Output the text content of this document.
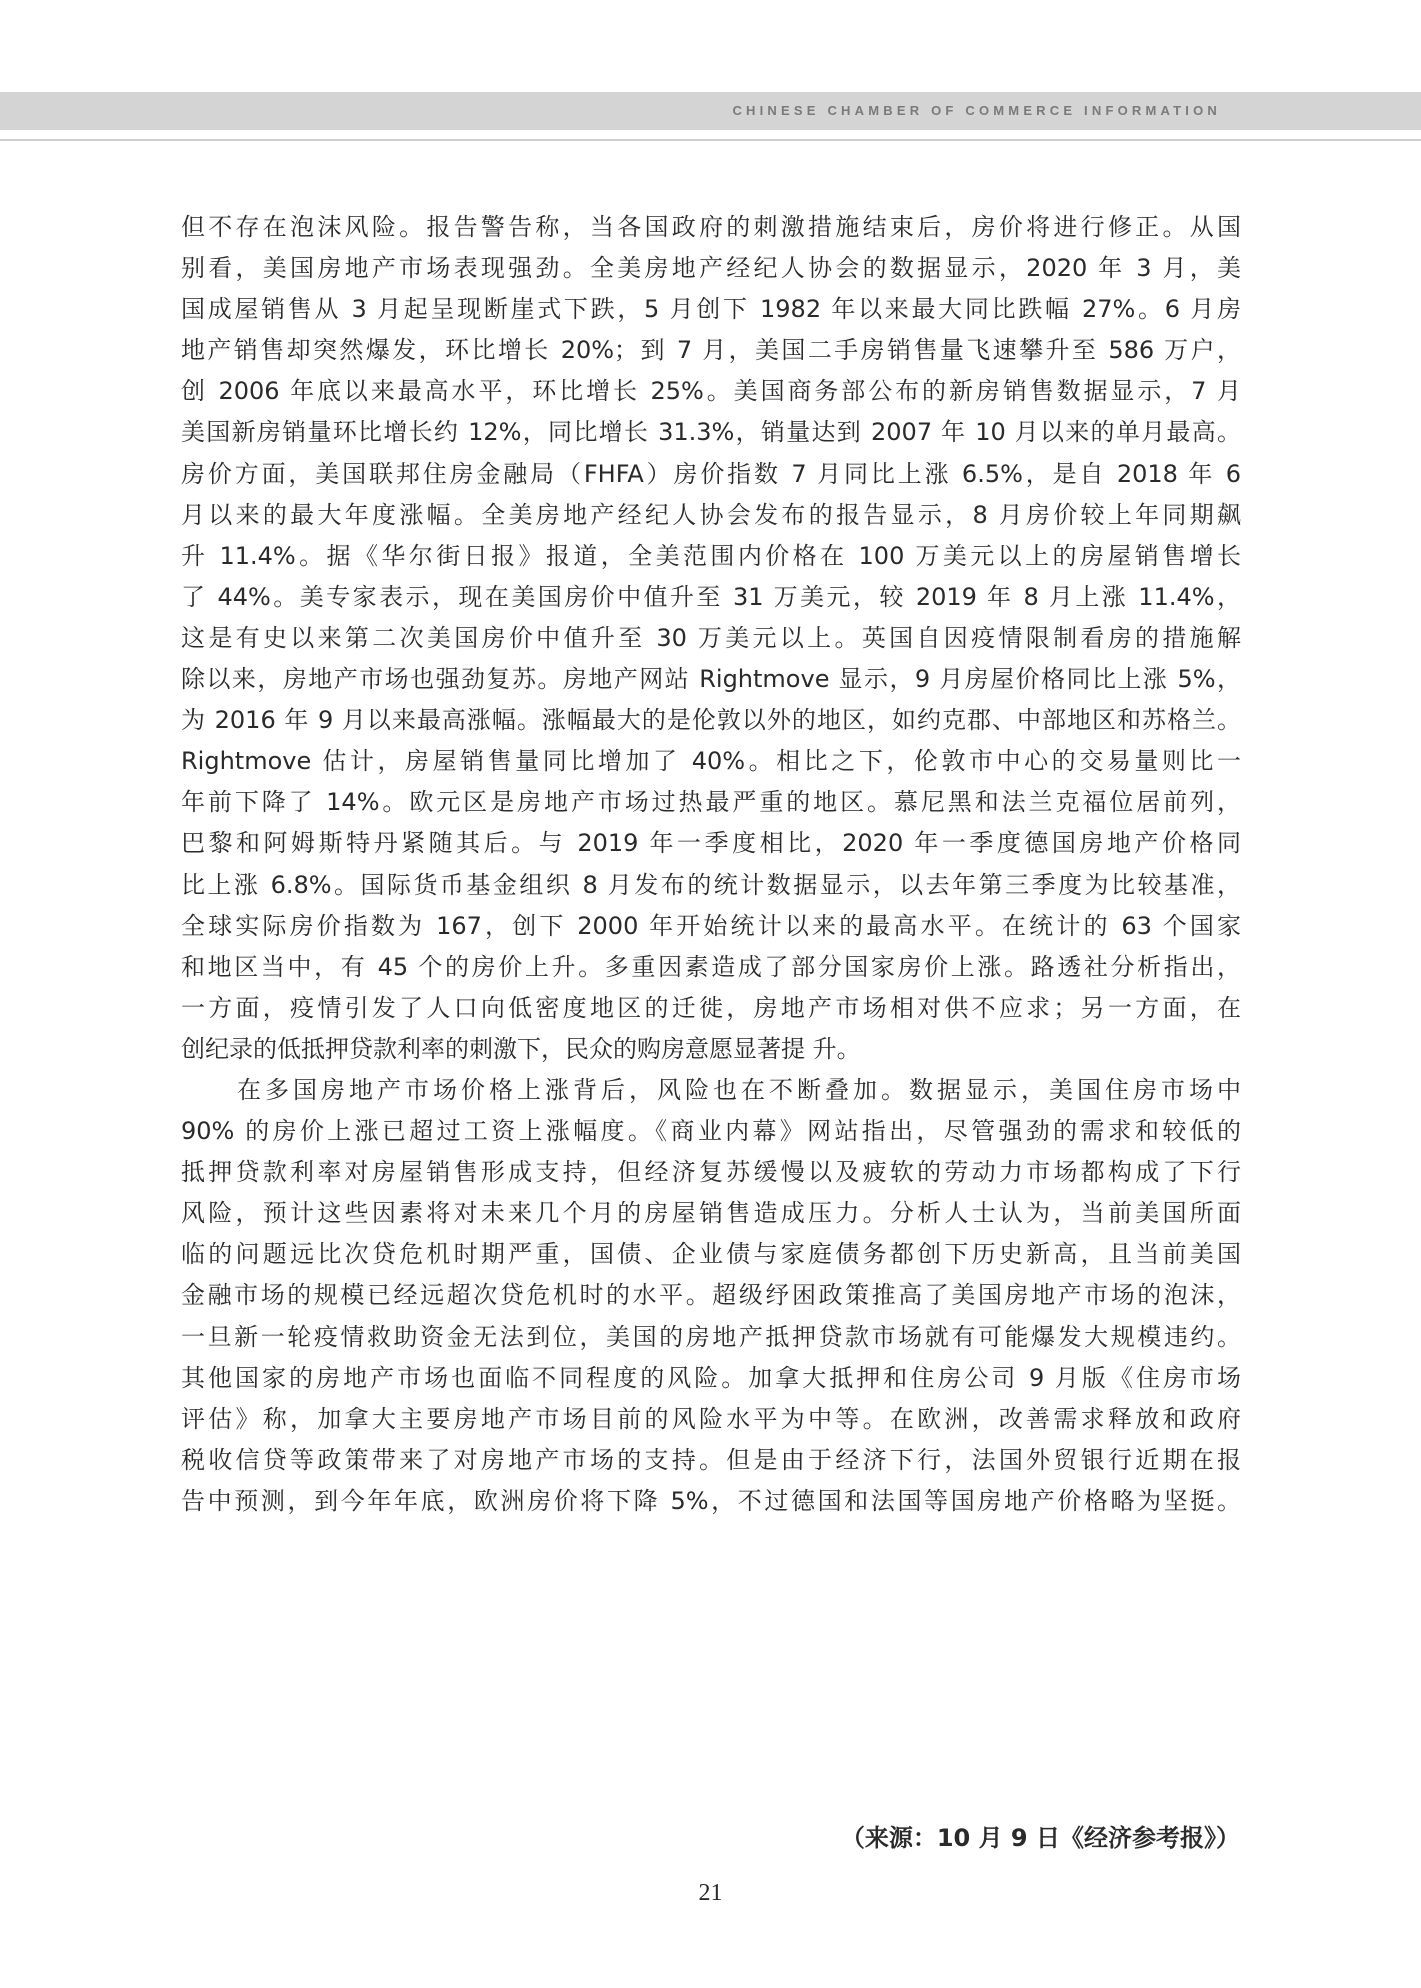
CHINESE CHAMBER OF COMMERCE INFORMATION
但不存在泡沫风险。报告警告称，当各国政府的刺激措施结束后，房价将进行修正。从国
别看，美国房地产市场表现强劲。全美房地产经纪人协会的数据显示，2020 年 3 月，美
国成屋销售从 3 月起呈现断崖式下跌，5 月创下 1982 年以来最大同比跌幅 27%。6 月房
地产销售却突然爆发，环比增长 20%；到 7 月，美国二手房销售量飞速攀升至 586 万户，
创 2006 年底以来最高水平，环比增长 25%。美国商务部公布的新房销售数据显示，7 月
美国新房销量环比增长约 12%，同比增长 31.3%，销量达到 2007 年 10 月以来的单月最高。
房价方面，美国联邦住房金融局（FHFA）房价指数 7 月同比上涨 6.5%，是自 2018 年 6
月以来的最大年度涨幅。全美房地产经纪人协会发布的报告显示，8 月房价较上年同期飙
升 11.4%。据《华尔街日报》报道，全美范围内价格在 100 万美元以上的房屋销售增长
了 44%。美专家表示，现在美国房价中值升至 31 万美元，较 2019 年 8 月上涨 11.4%，
这是有史以来第二次美国房价中值升至 30 万美元以上。英国自因疫情限制看房的措施解
除以来，房地产市场也强劲复苏。房地产网站 Rightmove 显示，9 月房屋价格同比上涨 5%，
为 2016 年 9 月以来最高涨幅。涨幅最大的是伦敦以外的地区，如约克郡、中部地区和苏格兰。
Rightmove 估计，房屋销售量同比增加了 40%。相比之下，伦敦市中心的交易量则比一
年前下降了 14%。欧元区是房地产市场过热最严重的地区。慕尼黑和法兰克福位居前列，
巴黎和阿姆斯特丹紧随其后。与 2019 年一季度相比，2020 年一季度德国房地产价格同
比上涨 6.8%。国际货币基金组织 8 月发布的统计数据显示，以去年第三季度为比较基准，
全球实际房价指数为 167，创下 2000 年开始统计以来的最高水平。在统计的 63 个国家
和地区当中，有 45 个的房价上升。多重因素造成了部分国家房价上涨。路透社分析指出，
一方面，疫情引发了人口向低密度地区的迁徙，房地产市场相对供不应求；另一方面，在
创纪录的低抵押贷款利率的刺激下，民众的购房意愿显著提 升。
在多国房地产市场价格上涨背后，风险也在不断叠加。数据显示，美国住房市场中
90% 的房价上涨已超过工资上涨幅度。《商业内幕》网站指出，尽管强劲的需求和较低的
抵押贷款利率对房屋销售形成支持，但经济复苏缓慢以及疲软的劳动力市场都构成了下行
风险，预计这些因素将对未来几个月的房屋销售造成压力。分析人士认为，当前美国所面
临的问题远比次贷危机时期严重，国债、企业债与家庭债务都创下历史新高，且当前美国
金融市场的规模已经远超次贷危机时的水平。超级纾困政策推高了美国房地产市场的泡沫，
一旦新一轮疫情救助资金无法到位，美国的房地产抵押贷款市场就有可能爆发大规模违约。
其他国家的房地产市场也面临不同程度的风险。加拿大抵押和住房公司 9 月版《住房市场
评估》称，加拿大主要房地产市场目前的风险水平为中等。在欧洲，改善需求释放和政府
税收信贷等政策带来了对房地产市场的支持。但是由于经济下行，法国外贸银行近期在报
告中预测，到今年年底，欧洲房价将下降 5%，不过德国和法国等国房地产价格略为坚挺。
（来源：10 月 9 日《经济参考报》）
21
